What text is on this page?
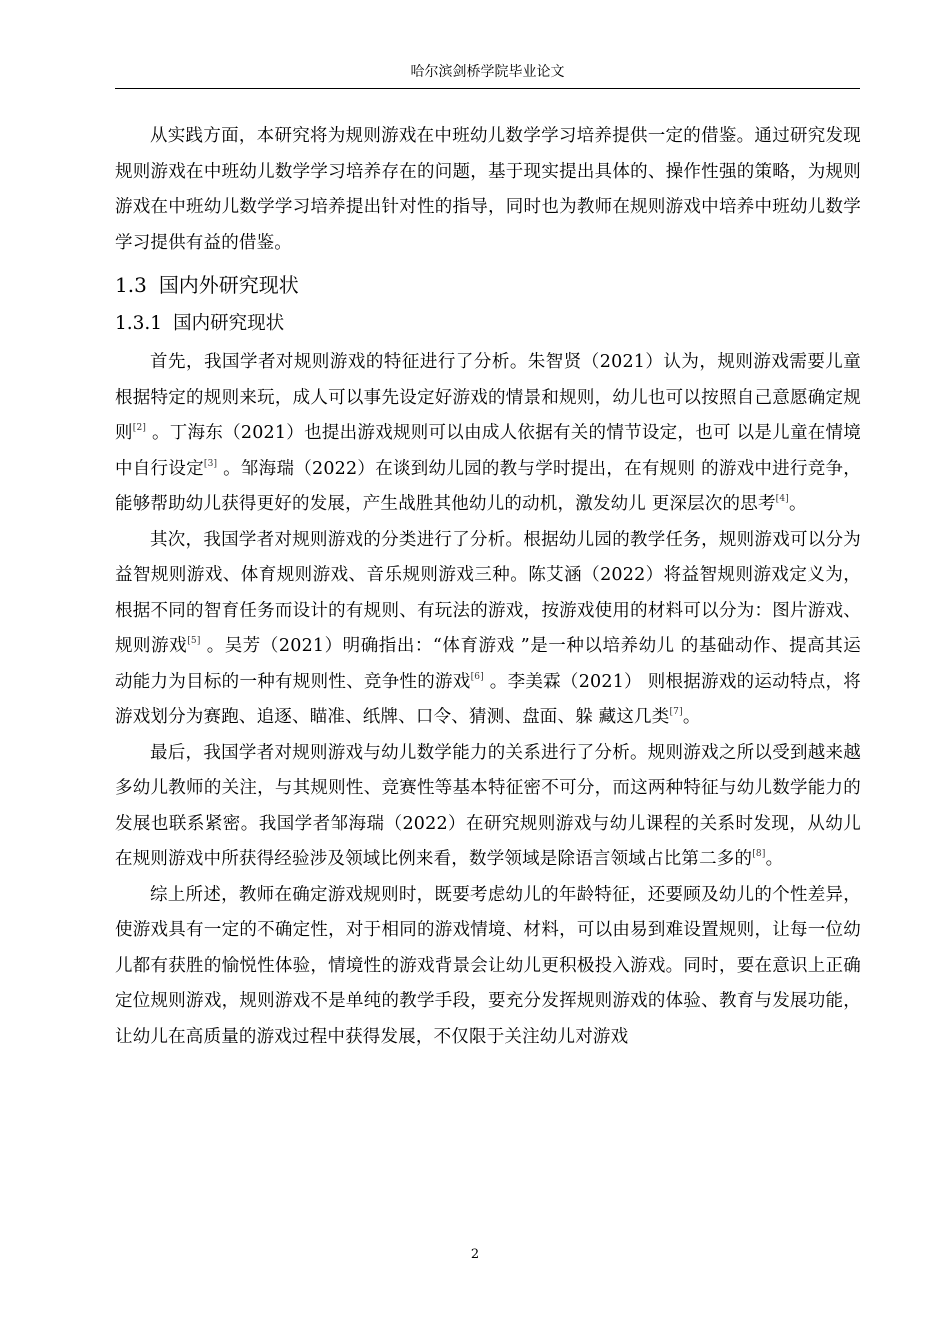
哈尔滨剑桥学院毕业论文

从实践方面，本研究将为规则游戏在中班幼儿数学学习培养提供一定的借鉴。通过研究发现规则游戏在中班幼儿数学学习培养存在的问题，基于现实提出具体的、操作性强的策略，为规则游戏在中班幼儿数学学习培养提出针对性的指导，同时也为教师在规则游戏中培养中班幼儿数学学习提供有益的借鉴。

1.3 国内外研究现状
1.3.1 国内研究现状

首先，我国学者对规则游戏的特征进行了分析。朱智贤（2021）认为，规则游戏需要儿童根据特定的规则来玩，成人可以事先设定好游戏的情景和规则，幼儿也可以按照自己意愿确定规则[2] 。丁海东（2021）也提出游戏规则可以由成人依据有关的情节设定，也可 以是儿童在情境中自行设定[3] 。邹海瑞（2022）在谈到幼儿园的教与学时提出，在有规则 的游戏中进行竞争，能够帮助幼儿获得更好的发展，产生战胜其他幼儿的动机，激发幼儿 更深层次的思考[4]。

其次，我国学者对规则游戏的分类进行了分析。根据幼儿园的教学任务，规则游戏可以分为益智规则游戏、体育规则游戏、音乐规则游戏三种。陈艾涵（2022）将益智规则游戏定义为，根据不同的智育任务而设计的有规则、有玩法的游戏，按游戏使用的材料可以分为：图片游戏、规则游戏[5] 。吴芳（2021）明确指出：“体育游戏 ”是一种以培养幼儿 的基础动作、提高其运动能力为目标的一种有规则性、竞争性的游戏[6] 。李美霖（2021） 则根据游戏的运动特点，将游戏划分为赛跑、追逐、瞄准、纸牌、口令、猜测、盘面、躲 藏这几类[7]。

最后，我国学者对规则游戏与幼儿数学能力的关系进行了分析。规则游戏之所以受到越来越多幼儿教师的关注，与其规则性、竞赛性等基本特征密不可分，而这两种特征与幼儿数学能力的发展也联系紧密。我国学者邹海瑞（2022）在研究规则游戏与幼儿课程的关系时发现，从幼儿在规则游戏中所获得经验涉及领域比例来看，数学领域是除语言领域占比第二多的[8]。

综上所述，教师在确定游戏规则时，既要考虑幼儿的年龄特征，还要顾及幼儿的个性差异，使游戏具有一定的不确定性，对于相同的游戏情境、材料，可以由易到难设置规则，让每一位幼儿都有获胜的愉悦性体验，情境性的游戏背景会让幼儿更积极投入游戏。同时，要在意识上正确定位规则游戏，规则游戏不是单纯的教学手段，要充分发挥规则游戏的体验、教育与发展功能，让幼儿在高质量的游戏过程中获得发展，不仅限于关注幼儿对游戏

2
